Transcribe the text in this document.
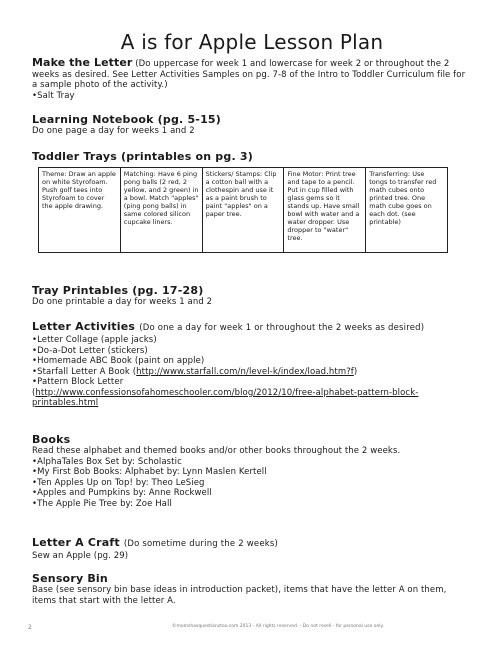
A is for Apple Lesson Plan

Make the Letter (Do uppercase for week 1 and lowercase for week 2 or throughout the 2 weeks as desired. See Letter Activities Samples on pg. 7-8 of the Intro to Toddler Curriculum file for a sample photo of the activity.)

•Salt Tray
Learning Notebook (pg. 5-15)

Do one page a day for weeks 1 and 2

Toddler Trays (printables on pg. 3)
Theme: Draw an apple on white Styrofoam. Push golf tees into Styrofoam to cover the apple drawing.	Matching: Have 6 ping pong balls (2 red, 2 yellow, and 2 green) in a bowl. Match "apples" (ping pong balls) in same colored silicon cupcake liners.	Stickers/ Stamps: Clip a cotton ball with a clothespin and use it as a paint brush to paint "apples" on a paper tree.	Fine Motor: Print tree and tape to a pencil. Put in cup filled with glass gems so it stands up. Have small bowl with water and a water dropper. Use dropper to "water" tree.	Transferring: Use tongs to transfer red math cubes onto printed tree. One math cube goes on each dot. (see printable)
Tray Printables (pg. 17-28)

Do one printable a day for weeks 1 and 2

Letter Activities (Do one a day for week 1 or throughout the 2 weeks as desired)
•Letter Collage (apple jacks)
•Do-a-Dot Letter (stickers)
•Homemade ABC Book (paint on apple)
•Starfall Letter A Book (http://www.starfall.com/n/level-k/index/load.htm?f)
•Pattern Block Letter
(http://www.confessionsofahomeschooler.com/blog/2012/10/free-alphabet-pattern-block-printables.html
Books

Read these alphabet and themed books and/or other books throughout the 2 weeks.

•AlphaTales Box Set by: Scholastic
•My First Bob Books: Alphabet by: Lynn Maslen Kertell
•Ten Apples Up on Top! by: Theo LeSieg
•Apples and Pumpkins by: Anne Rockwell
•The Apple Pie Tree by: Zoe Hall
Letter A Craft (Do sometime during the 2 weeks)

Sew an Apple (pg. 29)

Sensory Bin

Base (see sensory bin base ideas in introduction packet), items that have the letter A on them, items that start with the letter A.

2	©momshasquestionstoo.com 2013 - All rights reserved. - Do not resell - for personal use only.
